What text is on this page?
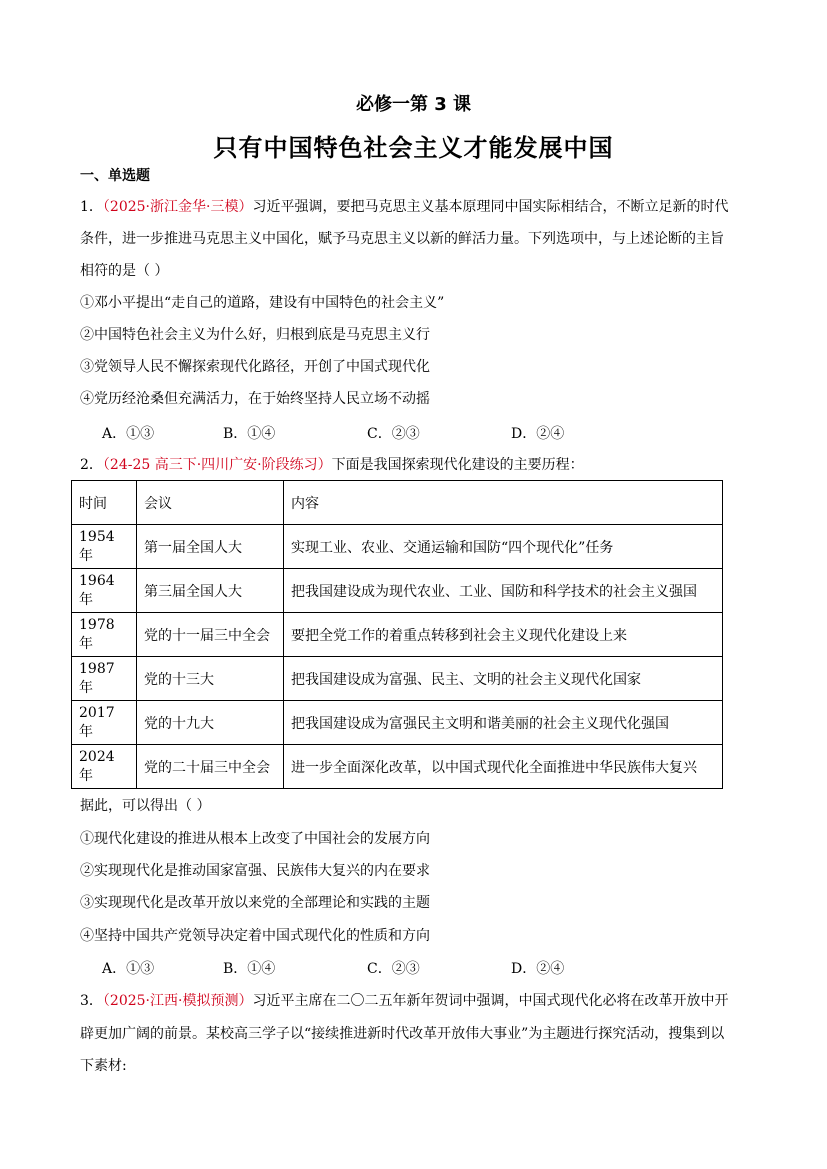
必修一第 3 课
只有中国特色社会主义才能发展中国
一、单选题
1．（2025·浙江金华·三模）习近平强调，要把马克思主义基本原理同中国实际相结合，不断立足新的时代
条件，进一步推进马克思主义中国化，赋予马克思主义以新的鲜活力量。下列选项中，与上述论断的主旨
相符的是（ ）
①邓小平提出“走自己的道路，建设有中国特色的社会主义”
②中国特色社会主义为什么好，归根到底是马克思主义行
③党领导人民不懈探索现代化路径，开创了中国式现代化
④党历经沧桑但充满活力，在于始终坚持人民立场不动摇
A．①③	B．①④	C．②③	D．②④
2．（24-25 高三下·四川广安·阶段练习）下面是我国探索现代化建设的主要历程：
时间	会议	内容
1954 年	第一届全国人大	实现工业、农业、交通运输和国防“四个现代化”任务
1964 年	第三届全国人大	把我国建设成为现代农业、工业、国防和科学技术的社会主义强国
1978 年	党的十一届三中全会	要把全党工作的着重点转移到社会主义现代化建设上来
1987 年	党的十三大	把我国建设成为富强、民主、文明的社会主义现代化国家
2017 年	党的十九大	把我国建设成为富强民主文明和谐美丽的社会主义现代化强国
2024 年	党的二十届三中全会	进一步全面深化改革，以中国式现代化全面推进中华民族伟大复兴
据此，可以得出（ ）
①现代化建设的推进从根本上改变了中国社会的发展方向
②实现现代化是推动国家富强、民族伟大复兴的内在要求
③实现现代化是改革开放以来党的全部理论和实践的主题
④坚持中国共产党领导决定着中国式现代化的性质和方向
A．①③	B．①④	C．②③	D．②④
3．（2025·江西·模拟预测）习近平主席在二〇二五年新年贺词中强调，中国式现代化必将在改革开放中开
辟更加广阔的前景。某校高三学子以“接续推进新时代改革开放伟大事业”为主题进行探究活动，搜集到以
下素材:
